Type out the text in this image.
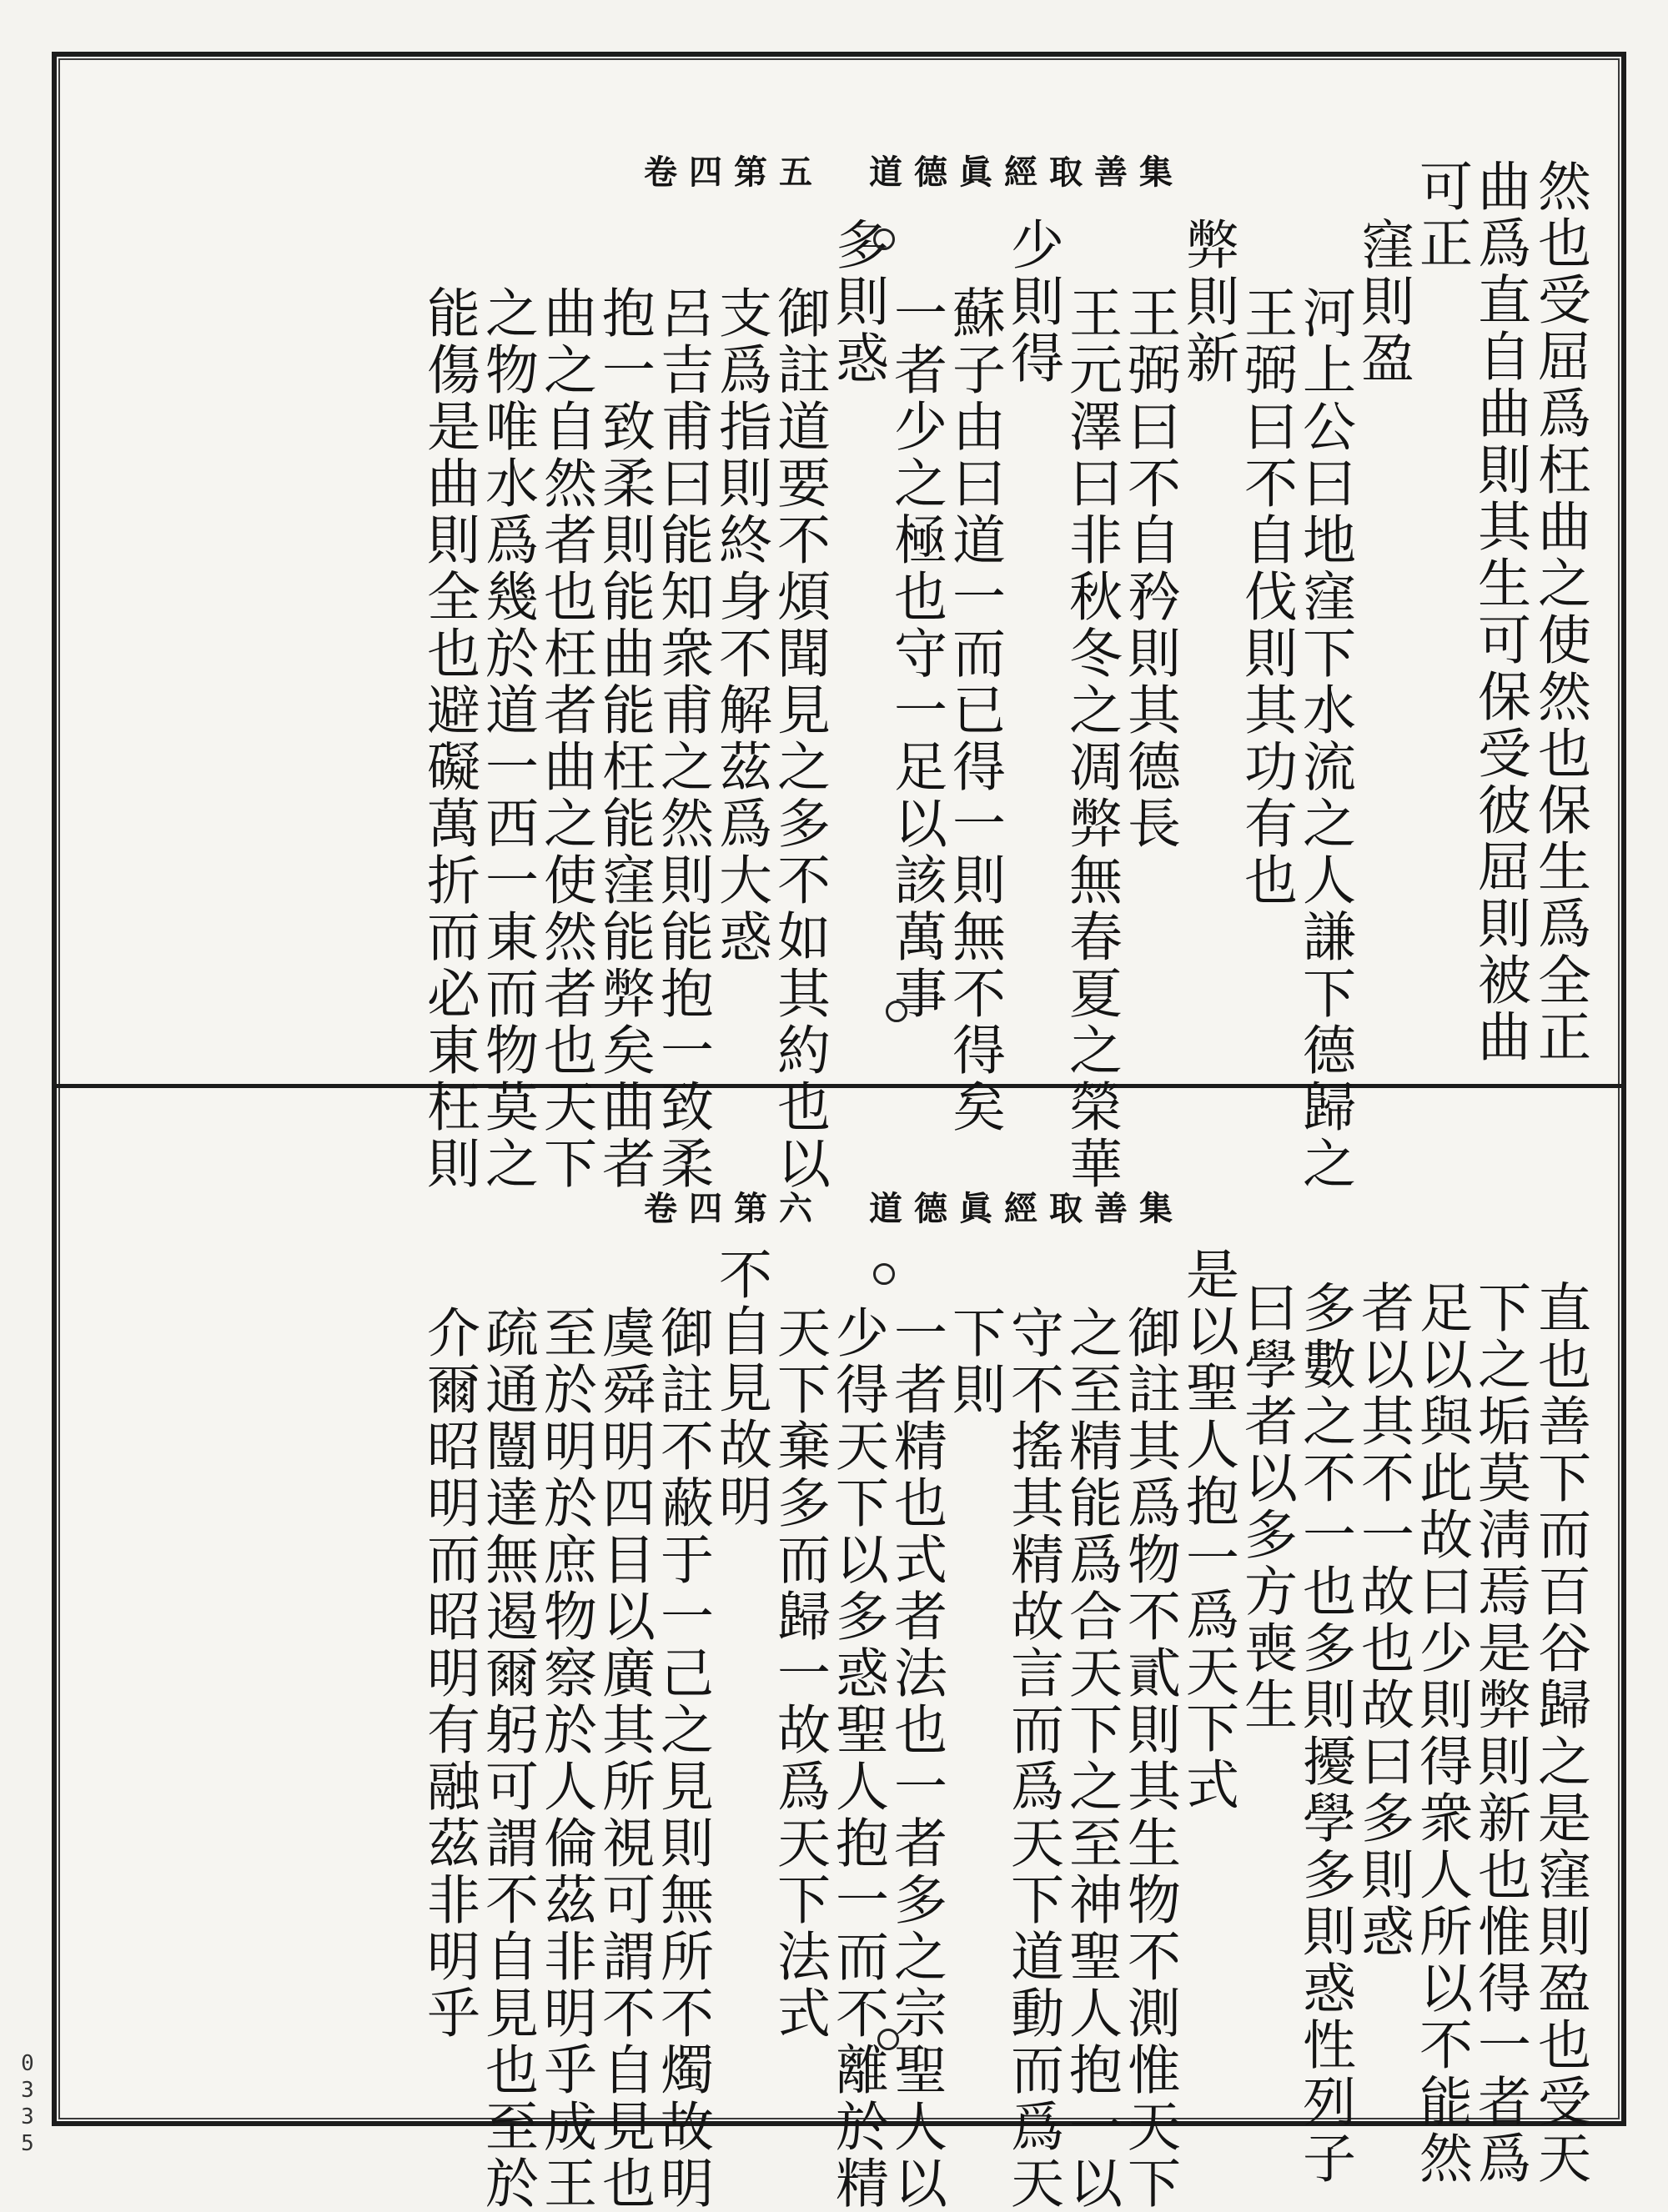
道德眞經取善集
卷四第五	然也受屈爲枉曲之使然也保生爲全正
曲爲直自曲則其生可保受彼屈則被曲
可正
窪則盈
河上公曰地窪下水流之人謙下德歸之
王弼曰不自伐則其功有也
弊則新
王弼曰不自矜則其德長
王元澤曰非秋冬之凋弊無春夏之榮華
少則得
蘇子由曰道一而已得一則無不得矣
一者少之極也守一足以該萬事
多則惑
御註道要不煩聞見之多不如其約也以
支爲指則終身不解茲爲大惑
呂吉甫曰能知衆甫之然則能抱一致柔
抱一致柔則能曲能枉能窪能弊矣曲者
曲之自然者也枉者曲之使然者也天下
之物唯水爲幾於道一西一東而物莫之
能傷是曲則全也避礙萬折而必東枉則
道德眞經取善集
卷四第六
直也善下而百谷歸之是窪則盈也受天
下之垢莫淸焉是弊則新也惟得一者爲
足以與此故曰少則得衆人所以不能然
者以其不一故也故曰多則惑
多數之不一也多則擾學多則惑性列子
曰學者以多方喪生
是以聖人抱一爲天下式
御註其爲物不貳則其生物不測惟天下
之至精能爲合天下之至神聖人抱一以
守不搖其精故言而爲天下道動而爲天
下則
一者精也式者法也一者多之宗聖人以
少得天下以多惑聖人抱一而不離於精
天下棄多而歸一故爲天下法式
不自見故明
御註不蔽于一己之見則無所不燭故明
虞舜明四目以廣其所視可謂不自見也
至於明於庶物察於人倫茲非明乎成王
疏通闓達無遏爾躬可謂不自見也至於
介爾昭明而昭明有融茲非明乎
0335
